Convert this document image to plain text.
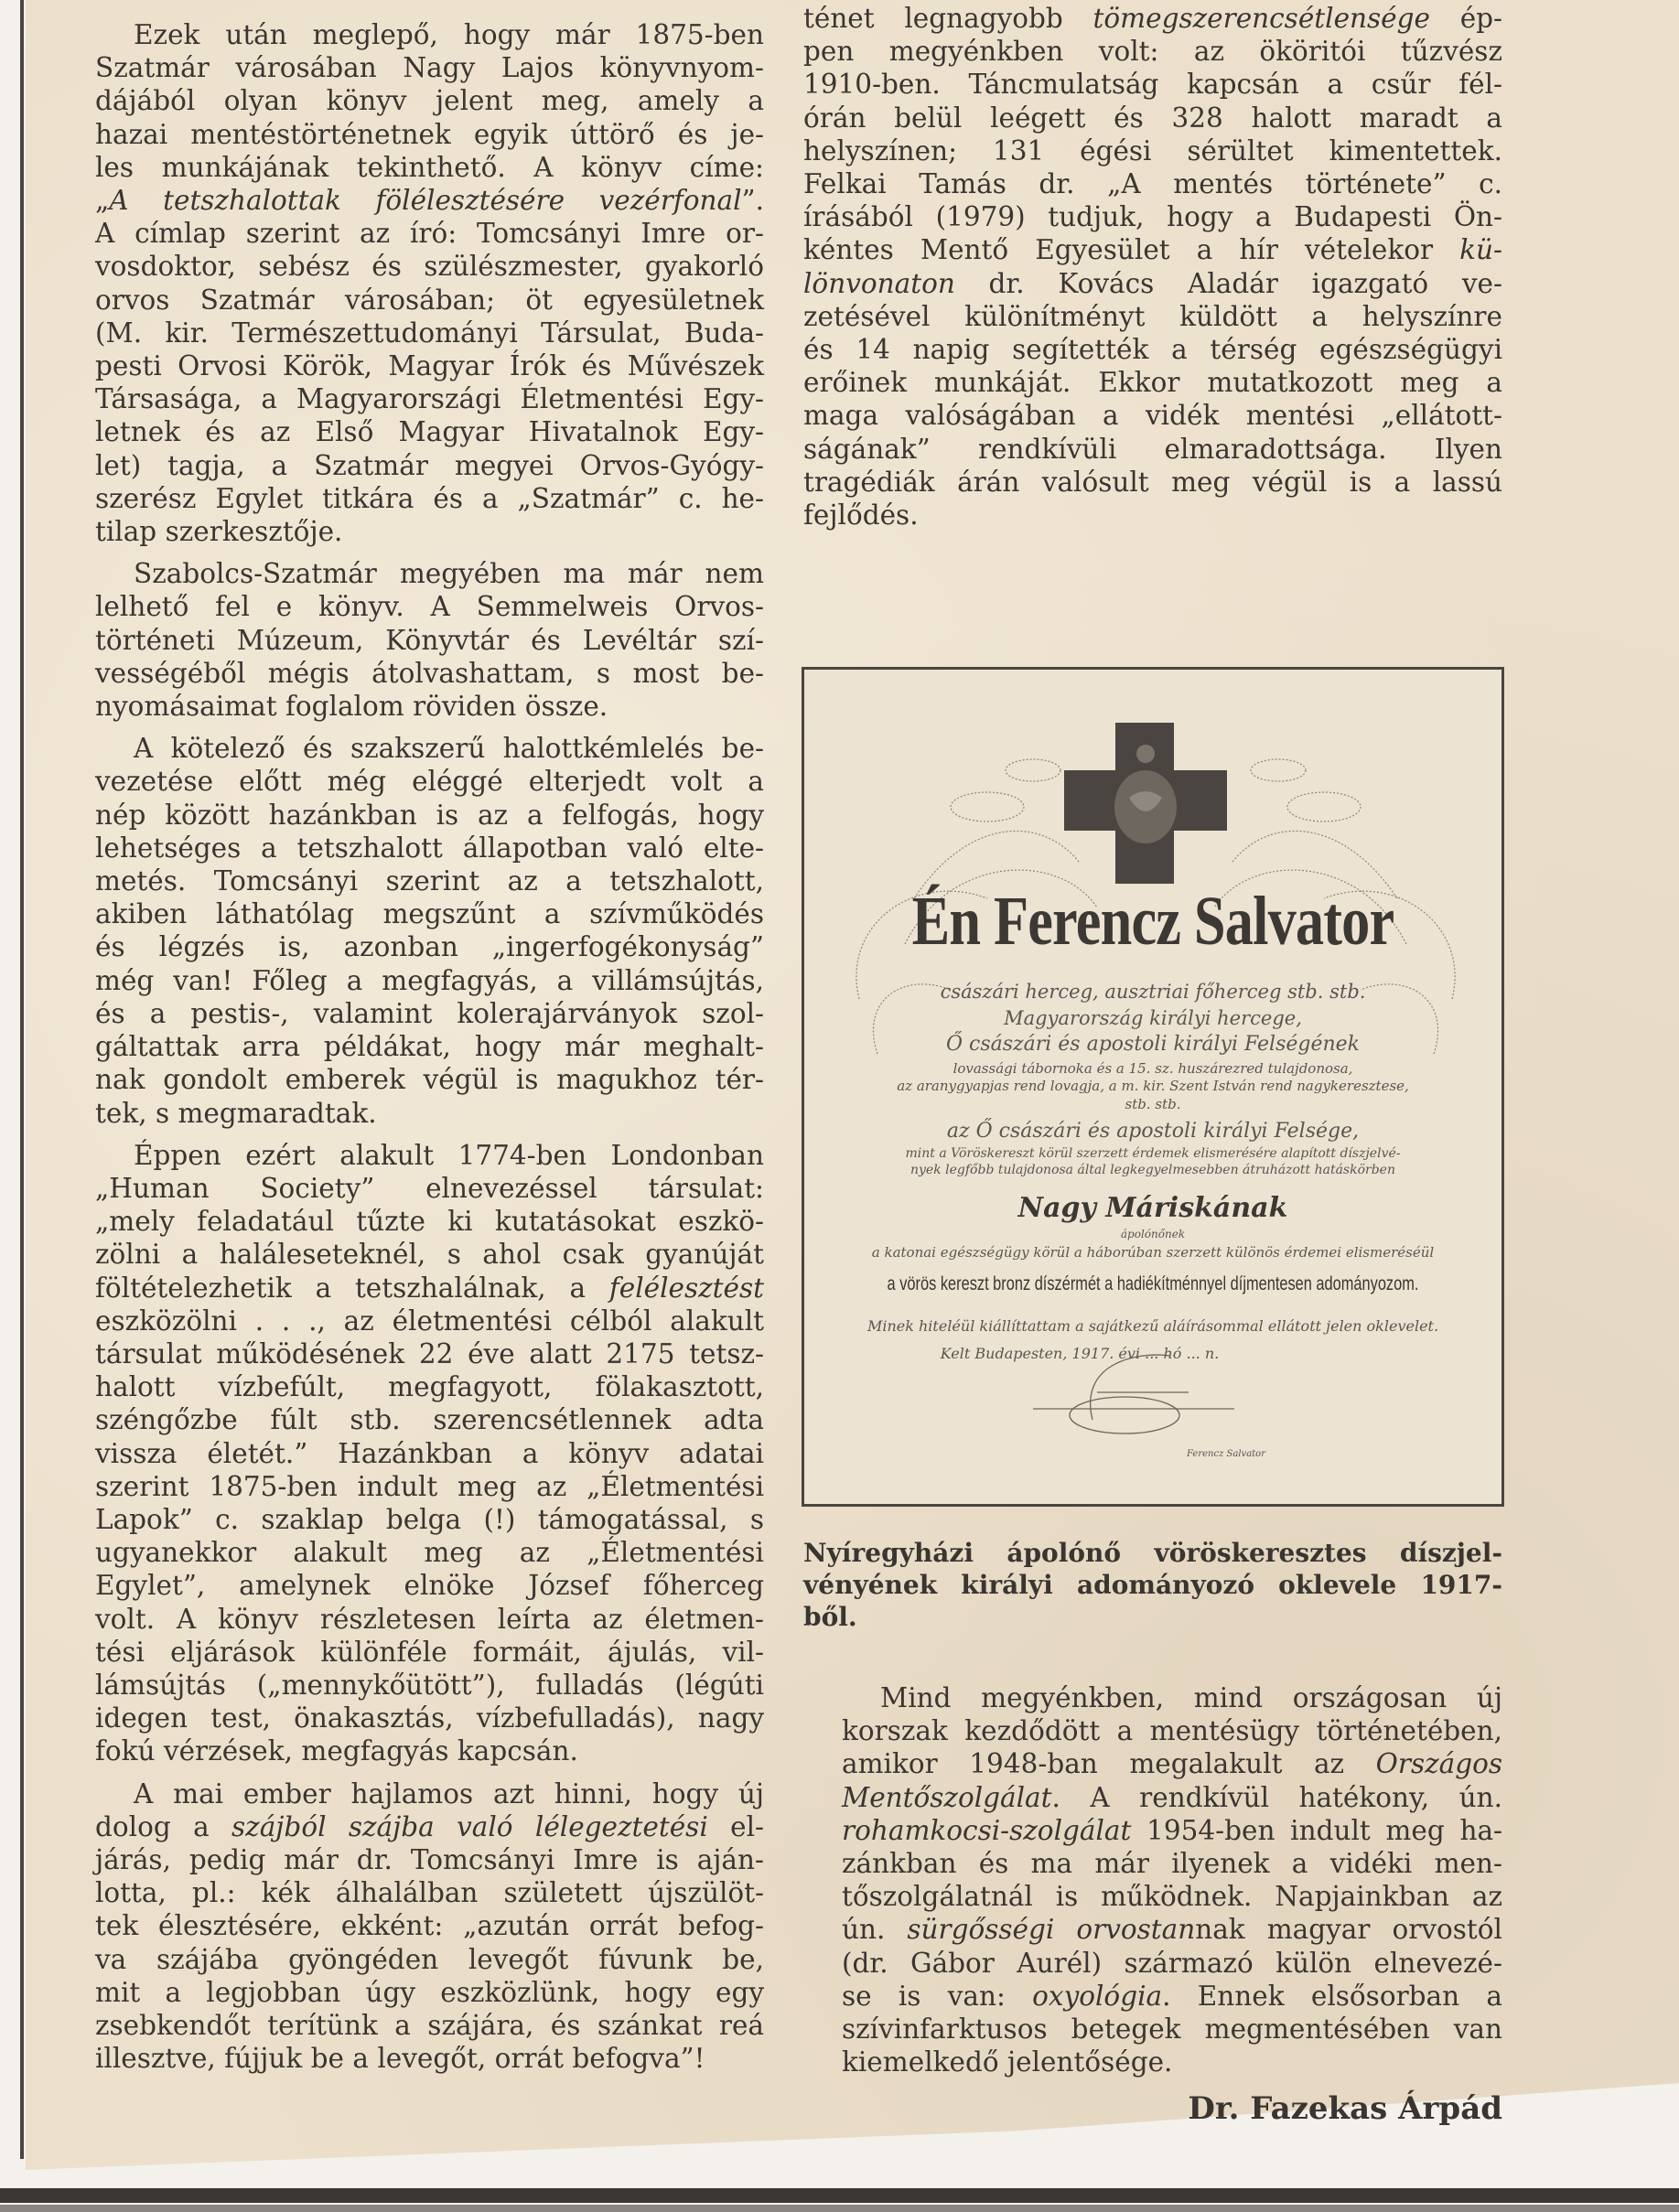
Ezek után meglepő, hogy már 1875-ben
Szatmár városában Nagy Lajos könyvnyom-
dájából olyan könyv jelent meg, amely a
hazai mentéstörténetnek egyik úttörő és je-
les munkájának tekinthető. A könyv címe:
„A tetszhalottak fölélesztésére vezérfonal”.
A címlap szerint az író: Tomcsányi Imre or-
vosdoktor, sebész és szülészmester, gyakorló
orvos Szatmár városában; öt egyesületnek
(M. kir. Természettudományi Társulat, Buda-
pesti Orvosi Körök, Magyar Írók és Művészek
Társasága, a Magyarországi Életmentési Egy-
letnek és az Első Magyar Hivatalnok Egy-
let) tagja, a Szatmár megyei Orvos-Gyógy-
szerész Egylet titkára és a „Szatmár” c. he-
tilap szerkesztője.
Szabolcs-Szatmár megyében ma már nem
lelhető fel e könyv. A Semmelweis Orvos-
történeti Múzeum, Könyvtár és Levéltár szí-
vességéből mégis átolvashattam, s most be-
nyomásaimat foglalom röviden össze.
A kötelező és szakszerű halottkémlelés be-
vezetése előtt még eléggé elterjedt volt a
nép között hazánkban is az a felfogás, hogy
lehetséges a tetszhalott állapotban való elte-
metés. Tomcsányi szerint az a tetszhalott,
akiben láthatólag megszűnt a szívműködés
és légzés is, azonban „ingerfogékonyság”
még van! Főleg a megfagyás, a villámsújtás,
és a pestis-, valamint kolerajárványok szol-
gáltattak arra példákat, hogy már meghalt-
nak gondolt emberek végül is magukhoz tér-
tek, s megmaradtak.
Éppen ezért alakult 1774-ben Londonban
„Human Society” elnevezéssel társulat:
„mely feladatául tűzte ki kutatásokat eszkö-
zölni a haláleseteknél, s ahol csak gyanúját
föltételezhetik a tetszhalálnak, a felélesztést
eszközölni . . ., az életmentési célból alakult
társulat működésének 22 éve alatt 2175 tetsz-
halott vízbefúlt, megfagyott, fölakasztott,
széngőzbe fúlt stb. szerencsétlennek adta
vissza életét.” Hazánkban a könyv adatai
szerint 1875-ben indult meg az „Életmentési
Lapok” c. szaklap belga (!) támogatással, s
ugyanekkor alakult meg az „Életmentési
Egylet”, amelynek elnöke József főherceg
volt. A könyv részletesen leírta az életmen-
tési eljárások különféle formáit, ájulás, vil-
lámsújtás („mennykőütött”), fulladás (légúti
idegen test, önakasztás, vízbefulladás), nagy
fokú vérzések, megfagyás kapcsán.
A mai ember hajlamos azt hinni, hogy új
dolog a szájból szájba való lélegeztetési el-
járás, pedig már dr. Tomcsányi Imre is aján-
lotta, pl.: kék álhalálban született újszülöt-
tek élesztésére, ekként: „azután orrát befog-
va szájába gyöngéden levegőt fúvunk be,
mit a legjobban úgy eszközlünk, hogy egy
zsebkendőt terítünk a szájára, és szánkat reá
illesztve, fújjuk be a levegőt, orrát befogva”!
ténet legnagyobb tömegszerencsétlensége ép-
pen megyénkben volt: az ököritói tűzvész
1910-ben. Táncmulatság kapcsán a csűr fél-
órán belül leégett és 328 halott maradt a
helyszínen; 131 égési sérültet kimentettek.
Felkai Tamás dr. „A mentés története” c.
írásából (1979) tudjuk, hogy a Budapesti Ön-
kéntes Mentő Egyesület a hír vételekor kü-
lönvonaton dr. Kovács Aladár igazgató ve-
zetésével különítményt küldött a helyszínre
és 14 napig segítették a térség egészségügyi
erőinek munkáját. Ekkor mutatkozott meg a
maga valóságában a vidék mentési „ellátott-
ságának” rendkívüli elmaradottsága. Ilyen
tragédiák árán valósult meg végül is a lassú
fejlődés.
Én Ferencz Salvator
császári herceg, ausztriai főherceg stb. stb.
Magyarország királyi hercege,
Ő császári és apostoli királyi Felségének
lovassági tábornoka és a 15. sz. huszárezred tulajdonosa,
az aranygyapjas rend lovagja, a m. kir. Szent István rend nagykeresztese,
stb. stb.
az Ő császári és apostoli királyi Felsége,
mint a Vöröskereszt körül szerzett érdemek elismerésére alapított díszjelvé-
nyek legfőbb tulajdonosa által legkegyelmesebben átruházott hatáskörben
Nagy Máriskának
ápolónőnek
a katonai egészségügy körül a háborúban szerzett különös érdemei elismeréséül
a vörös kereszt bronz díszérmét a hadiékítménnyel díjmentesen adományozom.
Minek hiteléül kiállíttattam a sajátkezű aláírásommal ellátott jelen oklevelet.
Kelt Budapesten, 1917. évi ... hó ... n.
Ferencz Salvator
Nyíregyházi ápolónő vöröskeresztes díszjel-
vényének királyi adományozó oklevele 1917-
ből.
Mind megyénkben, mind országosan új
korszak kezdődött a mentésügy történetében,
amikor 1948-ban megalakult az Országos
Mentőszolgálat. A rendkívül hatékony, ún.
rohamkocsi-szolgálat 1954-ben indult meg ha-
zánkban és ma már ilyenek a vidéki men-
tőszolgálatnál is működnek. Napjainkban az
ún. sürgősségi orvostannak magyar orvostól
(dr. Gábor Aurél) származó külön elnevezé-
se is van: oxyológia. Ennek elsősorban a
szívinfarktusos betegek megmentésében van
kiemelkedő jelentősége.
Dr. Fazekas Árpád
